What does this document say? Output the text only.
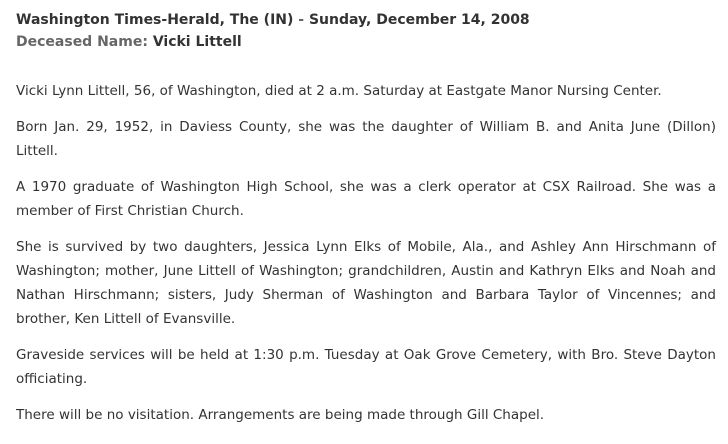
Washington Times-Herald, The (IN) - Sunday, December 14, 2008
Deceased Name: Vicki Littell

Vicki Lynn Littell, 56, of Washington, died at 2 a.m. Saturday at Eastgate Manor Nursing Center.

Born Jan. 29, 1952, in Daviess County, she was the daughter of William B. and Anita June (Dillon) Littell.

A 1970 graduate of Washington High School, she was a clerk operator at CSX Railroad. She was a member of First Christian Church.

She is survived by two daughters, Jessica Lynn Elks of Mobile, Ala., and Ashley Ann Hirschmann of Washington; mother, June Littell of Washington; grandchildren, Austin and Kathryn Elks and Noah and Nathan Hirschmann; sisters, Judy Sherman of Washington and Barbara Taylor of Vincennes; and brother, Ken Littell of Evansville.

Graveside services will be held at 1:30 p.m. Tuesday at Oak Grove Cemetery, with Bro. Steve Dayton officiating.

There will be no visitation. Arrangements are being made through Gill Chapel.
